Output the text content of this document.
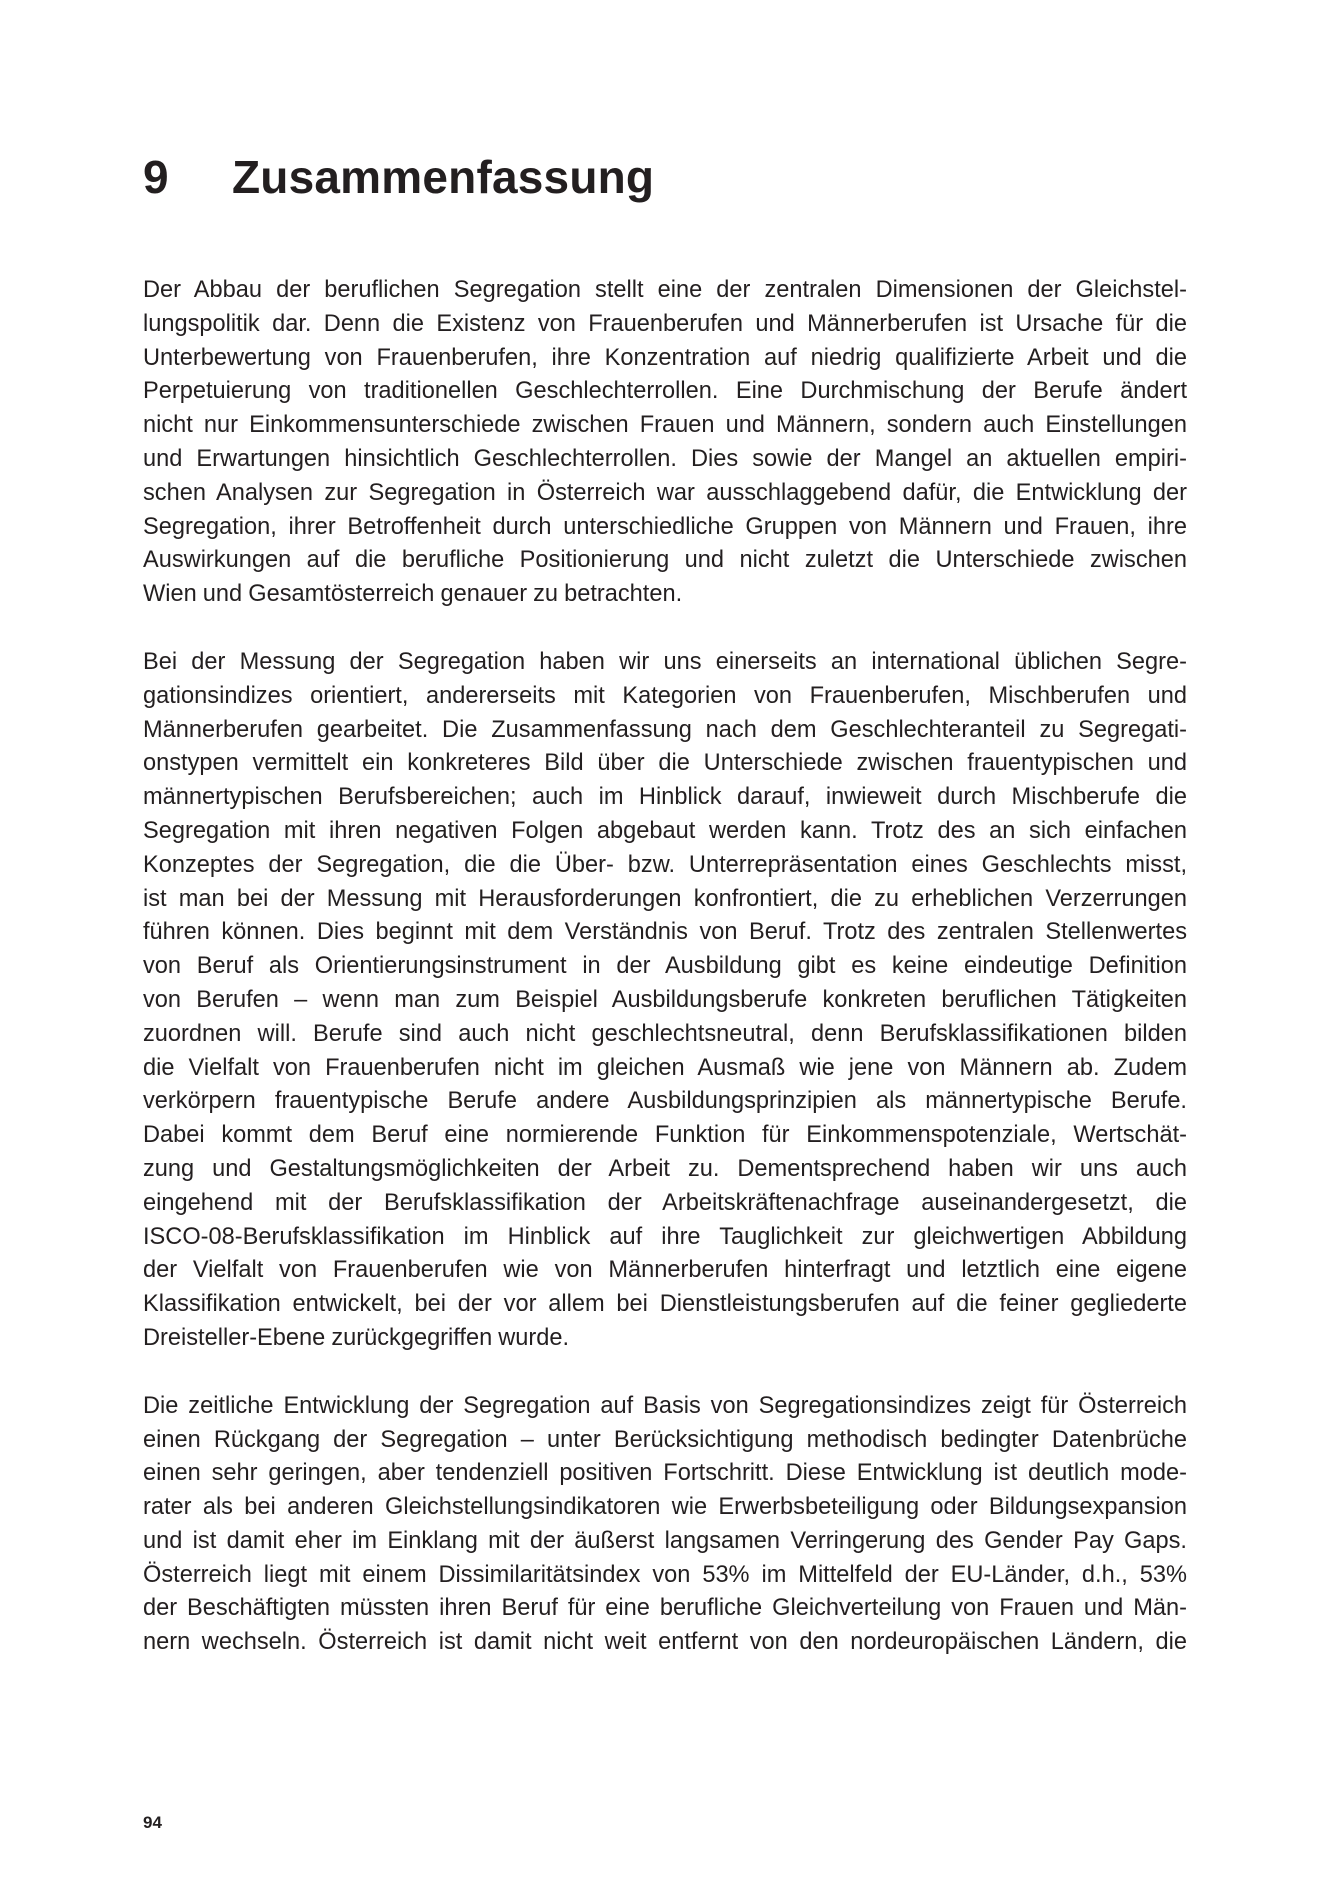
9 Zusammenfassung

Der Abbau der beruflichen Segregation stellt eine der zentralen Dimensionen der Gleichstel-
lungspolitik dar. Denn die Existenz von Frauenberufen und Männerberufen ist Ursache für die
Unterbewertung von Frauenberufen, ihre Konzentration auf niedrig qualifizierte Arbeit und die
Perpetuierung von traditionellen Geschlechterrollen. Eine Durchmischung der Berufe ändert
nicht nur Einkommensunterschiede zwischen Frauen und Männern, sondern auch Einstellungen
und Erwartungen hinsichtlich Geschlechterrollen. Dies sowie der Mangel an aktuellen empiri-
schen Analysen zur Segregation in Österreich war ausschlaggebend dafür, die Entwicklung der
Segregation, ihrer Betroffenheit durch unterschiedliche Gruppen von Männern und Frauen, ihre
Auswirkungen auf die berufliche Positionierung und nicht zuletzt die Unterschiede zwischen
Wien und Gesamtösterreich genauer zu betrachten.

Bei der Messung der Segregation haben wir uns einerseits an international üblichen Segre-
gationsindizes orientiert, andererseits mit Kategorien von Frauenberufen, Mischberufen und
Männerberufen gearbeitet. Die Zusammenfassung nach dem Geschlechteranteil zu Segregati-
onstypen vermittelt ein konkreteres Bild über die Unterschiede zwischen frauentypischen und
männertypischen Berufsbereichen; auch im Hinblick darauf, inwieweit durch Mischberufe die
Segregation mit ihren negativen Folgen abgebaut werden kann. Trotz des an sich einfachen
Konzeptes der Segregation, die die Über- bzw. Unterrepräsentation eines Geschlechts misst,
ist man bei der Messung mit Herausforderungen konfrontiert, die zu erheblichen Verzerrungen
führen können. Dies beginnt mit dem Verständnis von Beruf. Trotz des zentralen Stellenwertes
von Beruf als Orientierungsinstrument in der Ausbildung gibt es keine eindeutige Definition
von Berufen – wenn man zum Beispiel Ausbildungsberufe konkreten beruflichen Tätigkeiten
zuordnen will. Berufe sind auch nicht geschlechtsneutral, denn Berufsklassifikationen bilden
die Vielfalt von Frauenberufen nicht im gleichen Ausmaß wie jene von Männern ab. Zudem
verkörpern frauentypische Berufe andere Ausbildungsprinzipien als männertypische Berufe.
Dabei kommt dem Beruf eine normierende Funktion für Einkommenspotenziale, Wertschät-
zung und Gestaltungsmöglichkeiten der Arbeit zu. Dementsprechend haben wir uns auch
eingehend mit der Berufsklassifikation der Arbeitskräftenachfrage auseinandergesetzt, die
ISCO-08-Berufsklassifikation im Hinblick auf ihre Tauglichkeit zur gleichwertigen Abbildung
der Vielfalt von Frauenberufen wie von Männerberufen hinterfragt und letztlich eine eigene
Klassifikation entwickelt, bei der vor allem bei Dienstleistungsberufen auf die feiner gegliederte
Dreisteller-Ebene zurückgegriffen wurde.

Die zeitliche Entwicklung der Segregation auf Basis von Segregationsindizes zeigt für Österreich
einen Rückgang der Segregation – unter Berücksichtigung methodisch bedingter Datenbrüche
einen sehr geringen, aber tendenziell positiven Fortschritt. Diese Entwicklung ist deutlich mode-
rater als bei anderen Gleichstellungsindikatoren wie Erwerbsbeteiligung oder Bildungsexpansion
und ist damit eher im Einklang mit der äußerst langsamen Verringerung des Gender Pay Gaps.
Österreich liegt mit einem Dissimilaritätsindex von 53% im Mittelfeld der EU-Länder, d.h., 53%
der Beschäftigten müssten ihren Beruf für eine berufliche Gleichverteilung von Frauen und Män-
nern wechseln. Österreich ist damit nicht weit entfernt von den nordeuropäischen Ländern, die

94
